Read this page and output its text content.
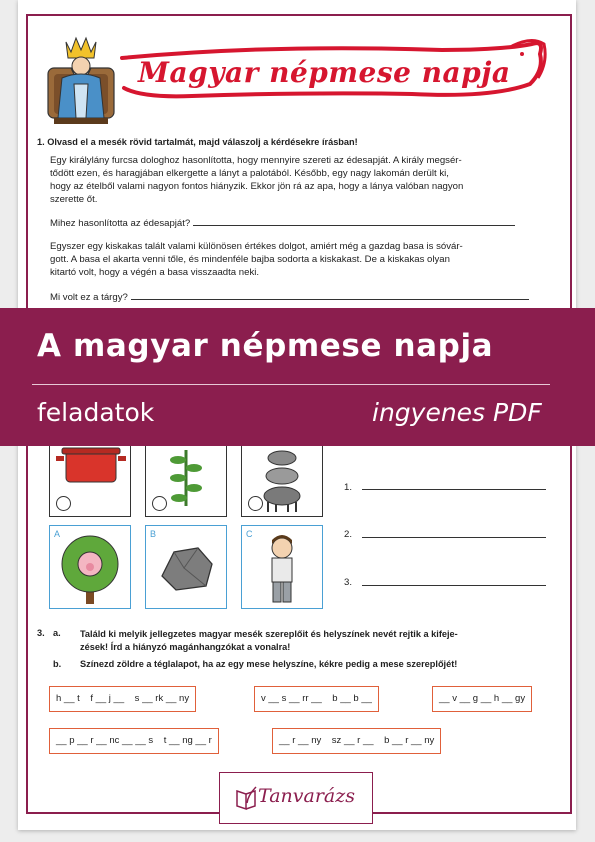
Magyar népmese napja
1. Olvasd el a mesék rövid tartalmát, majd válaszolj a kérdésekre írásban!
Egy királylány furcsa dologhoz hasonlította, hogy mennyire szereti az édesapját. A király megsér-
tődött ezen, és haragjában elkergette a lányt a palotából. Később, egy nagy lakomán derült ki,
hogy az ételből valami nagyon fontos hiányzik. Ekkor jön rá az apa, hogy a lánya valóban nagyon
szerette őt.
Mihez hasonlította az édesapját?
Egyszer egy kiskakas talált valami különösen értékes dolgot, amiért még a gazdag basa is sóvár-
gott. A basa el akarta venni tőle, és mindenféle bajba sodorta a kiskakast. De a kiskakas olyan
kitartó volt, hogy a végén a basa visszaadta neki.
Mi volt ez a tárgy?
A magyar népmese napja
feladatok	ingyenes PDF
1.
2.
3.
A	B	C
3. a. Találd ki melyik jellegzetes magyar mesék szereplőit és helyszínek nevét rejtik a kifeje-
zések! Írd a hiányzó magánhangzókat a vonalra!
b. Színezd zöldre a téglalapot, ha az egy mese helyszíne, kékre pedig a mese szereplőjét!
h __ t    f __ j __    s __ rk __ ny	v __ s __ rr __    b __ b __	__ v __ g __ h __ gy
__ p __ r __ nc __ __ s    t __ ng __ r	__ r __ ny    sz __ r __    b __ r __ ny
Tanvarázs
